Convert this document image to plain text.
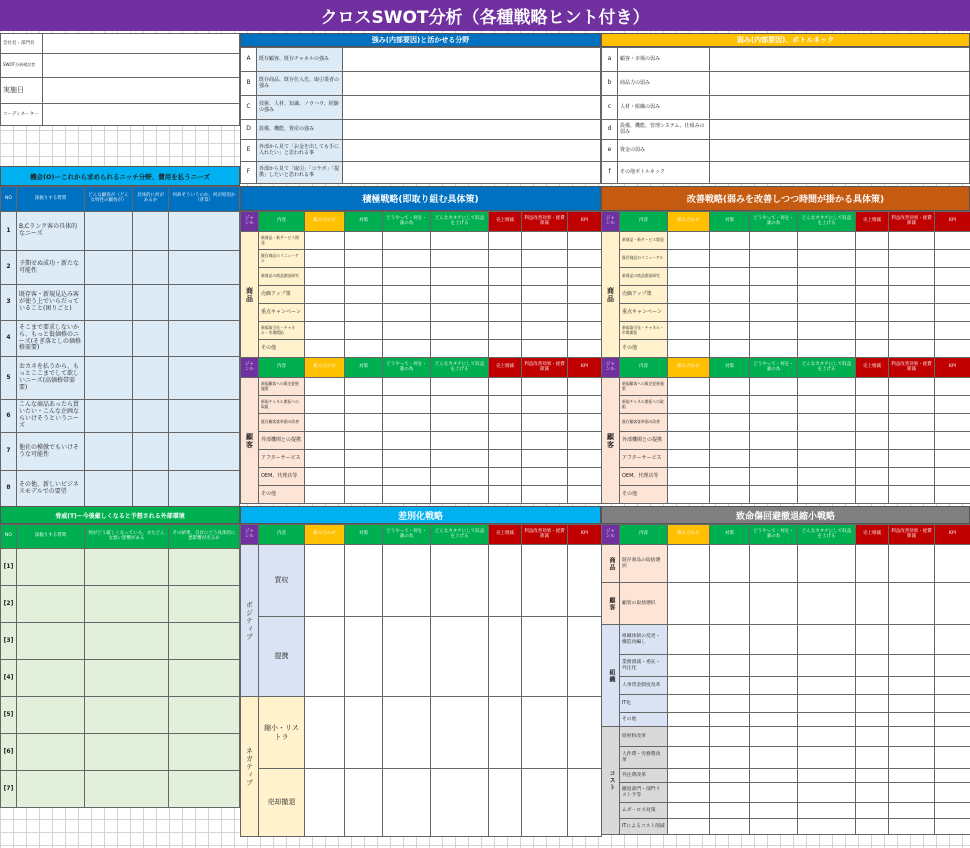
クロスSWOT分析（各種戦略ヒント付き）
会社名・部門名	
SWOT分析検討者	
実施日	
コーディネーター	
強み(内部要因)と活かせる分野
A	既存顧客、既存チャネルの強み	
B	既存商品、既存仕入先、取引業者の強み	
C	技術、人材、知識、ノウハウ、経験の強み	
D	設備、機能、資産の強み	
E	外部から見て「お金を出しても手に入れたい」と思われる事	
F	外部から見て「取引」「コラボ」「提携」したいと思われる事	
弱み(内部要因)、ボトルネック
a	顧客・市場の弱み	
b	商品力の弱み	
c	人材・組織の弱み	
d	設備、機能、管理システム、仕組みの弱み	
e	資金の弱み	
f	その他ボトルネック	
機会(O)ーこれから求められるニッチ分野、費用を払うニーズ
NO	深掘りする質問	どんな顧客が（どんな特性の顧客が）	具体的に何があるか	何故そういうのか、何が原因か（背景）
1	B,Cランク客の具体的なニーズ			
2	予期せぬ成功・新たな可能性			
3	既存客・新規見込み客が使う上でいらだっていること(困りごと)			
4	そこまで要求しないから、もっと低価格のニーズ(そぎ落としの価格格需要)			
5	おカネを払うから、もっとここまでして欲しいニーズ(高価格帯需要)			
6	こんな商品あったら買いたい・こんな企画ならいけそうというニーズ			
7	他社の模倣でもいけそうな可能性			
8	その他、新しいビジネスモデルでの要望			
脅威(T)ー今後厳しくなると予想される外部環境
NO	深掘りする質問	何がどう厳しくなっている、またどんな悪い影響がある	その結果、自社にどう具体的に悪影響が出るか
[1]			
[2]			
[3]			
[4]			
[5]			
[6]			
[7]			
積極戦略(即取り組む具体策)
ジャンル	内容	組み合わせ	対策	どうやって・何を・誰の為	どんなカタチにして収益を上げる	売上増減	利益改善効果・経費節減	KPI
商品	新商品・新サービス開発							
	既存商品のリニューアル							
	新商品の商品開発研究							
	売価アップ策							
	重点キャンペーン							
	新規取引先・チャネル・市場開拓							
	その他							
ジャンル	内容	組み合わせ	対策	どうやって・何を・誰の為	どんなカタチにして収益を上げる	売上増減	利益改善効果・経費節減	KPI
顧客	新規顧客への販売促進施策							
	新規チャネル開拓への取組							
	既存顧客客単価の改善							
	外部機関との提携							
	アフターサービス							
	OEM、代理店等							
	その他							
改善戦略(弱みを改善しつつ時間が掛かる具体策)
ジャンル	内容	組み合わせ	対策	どうやって・何を・誰の為	どんなカタチにして収益を上げる	売上増減	利益改善効果・経費節減	KPI
商品	新商品・新サービス開発							
	既存商品のリニューアル							
	新商品の商品開発研究							
	売価アップ策							
	重点キャンペーン							
	新規取引先・チャネル・市場開拓							
	その他							
ジャンル	内容	組み合わせ	対策	どうやって・何を・誰の為	どんなカタチにして収益を上げる	売上増減	利益改善効果・経費節減	KPI
顧客	新規顧客への販売促進施策							
	新規チャネル開拓への取組							
	既存顧客客単価の改善							
	外部機関との提携							
	アフターサービス							
	OEM、代理店等							
	その他							
差別化戦略
ジャンル	内容	組み合わせ	対策	どうやって・何を・誰の為	どんなカタチにして収益を上げる	売上増減	利益改善効果・経費節減	KPI
ポジティブ	買収							
	提携							
ネガティブ	縮小・リストラ							
	売却撤退							
致命傷回避撤退縮小戦略
ジャンル	内容	組み合わせ	対策	どうやって・何を・誰の為	どんなカタチにして収益を上げる	売上増減	利益改善効果・経費節減	KPI
商品	既存商品の取捨選択							
顧客	顧客の取捨選択							
組織	組織体制の変更・構造再編し							
	業務削減・委託・外注化							
	人事賃金制度改革							
	IT化							
	その他							
コスト	原材料改革							
	人件費・労務費改革							
	外注費改革							
	撤退部門・部門リストラ等							
	ムダ・ロス対策							
	ITによるコスト削減							
